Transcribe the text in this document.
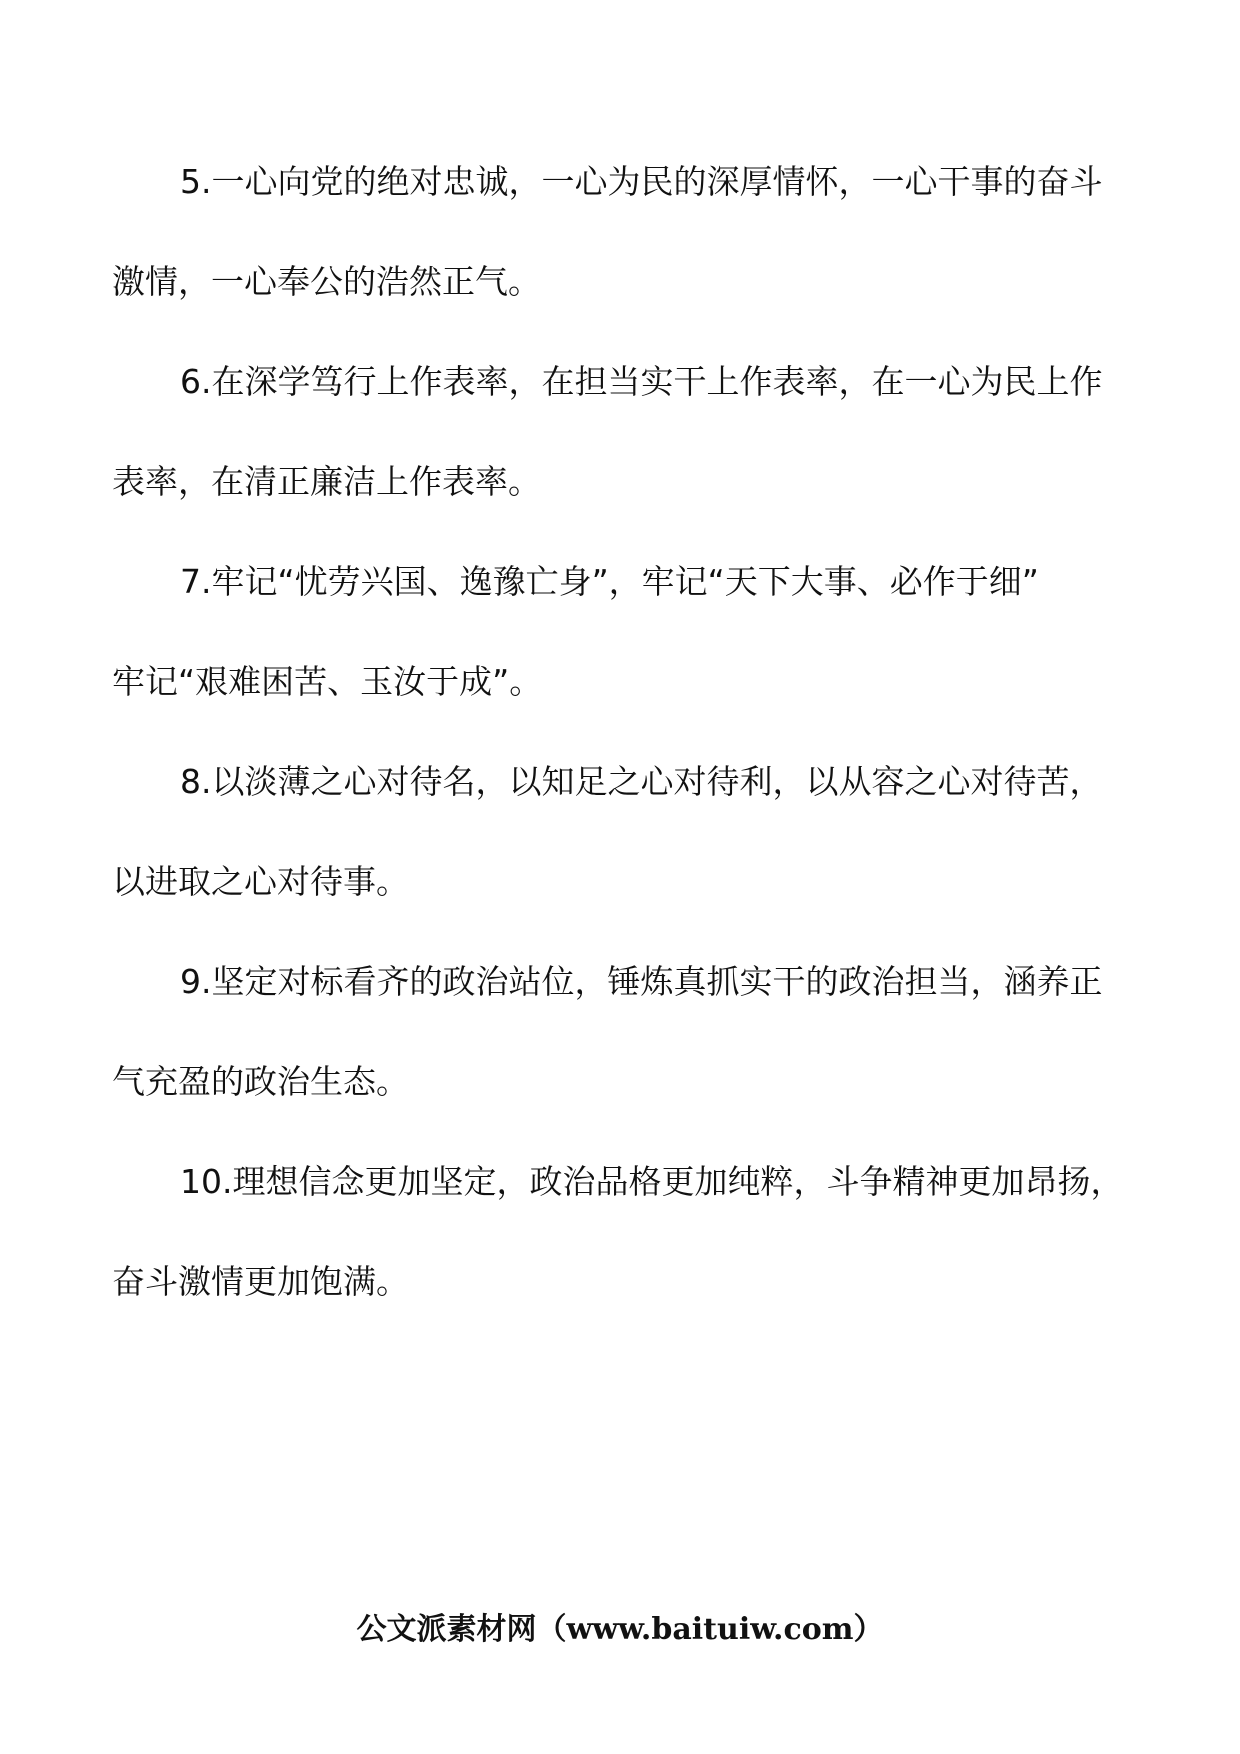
5.一心向党的绝对忠诚，一心为民的深厚情怀，一心干事的奋斗
激情，一心奉公的浩然正气。
6.在深学笃行上作表率，在担当实干上作表率，在一心为民上作
表率，在清正廉洁上作表率。
7.牢记“忧劳兴国、逸豫亡身”，牢记“天下大事、必作于细”
牢记“艰难困苦、玉汝于成”。
8.以淡薄之心对待名，以知足之心对待利，以从容之心对待苦，
以进取之心对待事。
9.坚定对标看齐的政治站位，锤炼真抓实干的政治担当，涵养正
气充盈的政治生态。
10.理想信念更加坚定，政治品格更加纯粹，斗争精神更加昂扬，
奋斗激情更加饱满。
公文派素材网（www.baituiw.com）
